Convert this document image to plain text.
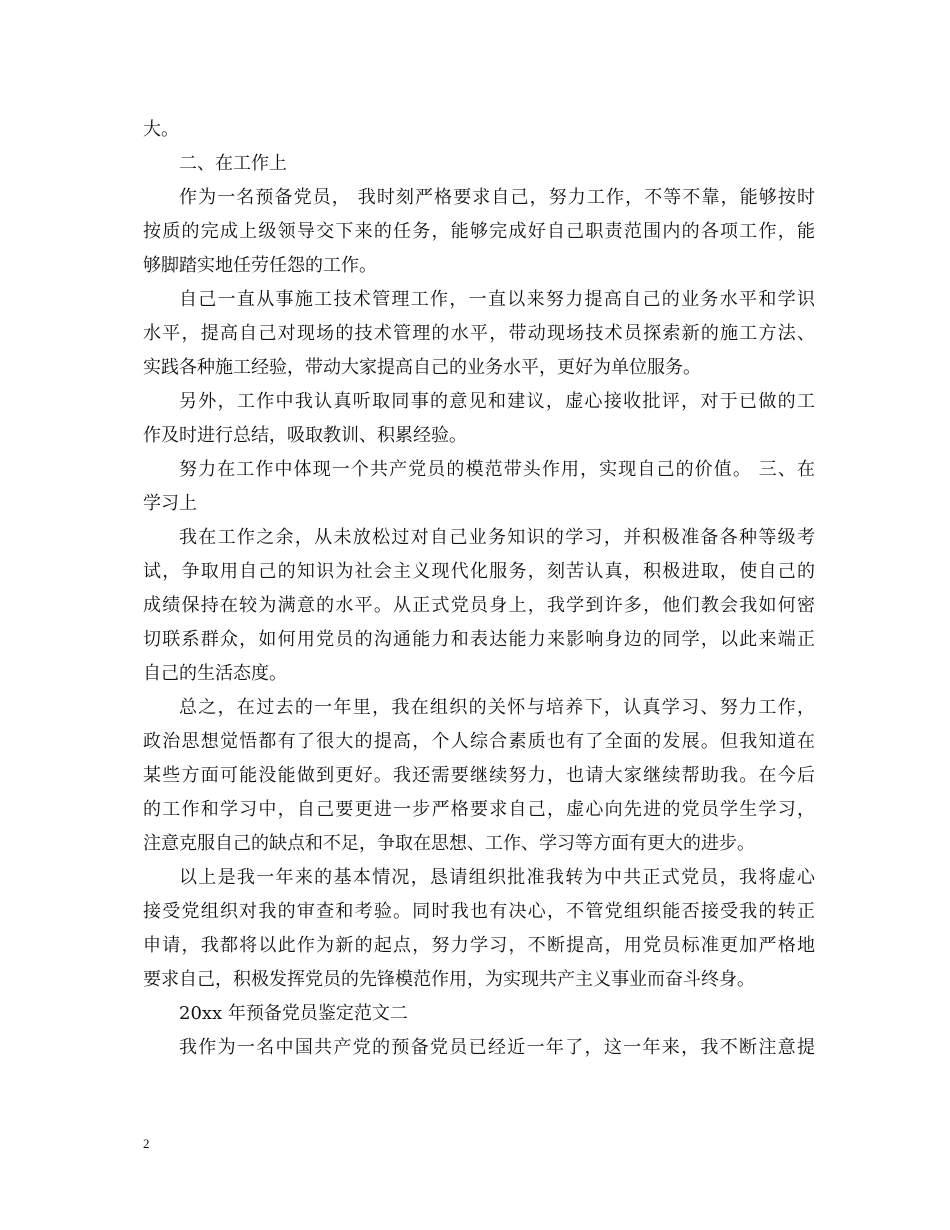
大。
二、在工作上
作为一名预备党员， 我时刻严格要求自己，努力工作，不等不靠，能够按时
按质的完成上级领导交下来的任务，能够完成好自己职责范围内的各项工作，能
够脚踏实地任劳任怨的工作。
自己一直从事施工技术管理工作，一直以来努力提高自己的业务水平和学识
水平，提高自己对现场的技术管理的水平，带动现场技术员探索新的施工方法、
实践各种施工经验，带动大家提高自己的业务水平，更好为单位服务。
另外，工作中我认真听取同事的意见和建议，虚心接收批评，对于已做的工
作及时进行总结，吸取教训、积累经验。
努力在工作中体现一个共产党员的模范带头作用，实现自己的价值。 三、在
学习上
我在工作之余，从未放松过对自己业务知识的学习，并积极准备各种等级考
试，争取用自己的知识为社会主义现代化服务，刻苦认真，积极进取，使自己的
成绩保持在较为满意的水平。从正式党员身上，我学到许多，他们教会我如何密
切联系群众，如何用党员的沟通能力和表达能力来影响身边的同学，以此来端正
自己的生活态度。
总之，在过去的一年里，我在组织的关怀与培养下，认真学习、努力工作，
政治思想觉悟都有了很大的提高，个人综合素质也有了全面的发展。但我知道在
某些方面可能没能做到更好。我还需要继续努力，也请大家继续帮助我。在今后
的工作和学习中，自己要更进一步严格要求自己，虚心向先进的党员学生学习，
注意克服自己的缺点和不足，争取在思想、工作、学习等方面有更大的进步。
以上是我一年来的基本情况，恳请组织批准我转为中共正式党员，我将虚心
接受党组织对我的审查和考验。同时我也有决心，不管党组织能否接受我的转正
申请，我都将以此作为新的起点，努力学习，不断提高，用党员标准更加严格地
要求自己，积极发挥党员的先锋模范作用，为实现共产主义事业而奋斗终身。
20xx 年预备党员鉴定范文二
我作为一名中国共产党的预备党员已经近一年了，这一年来，我不断注意提
2
